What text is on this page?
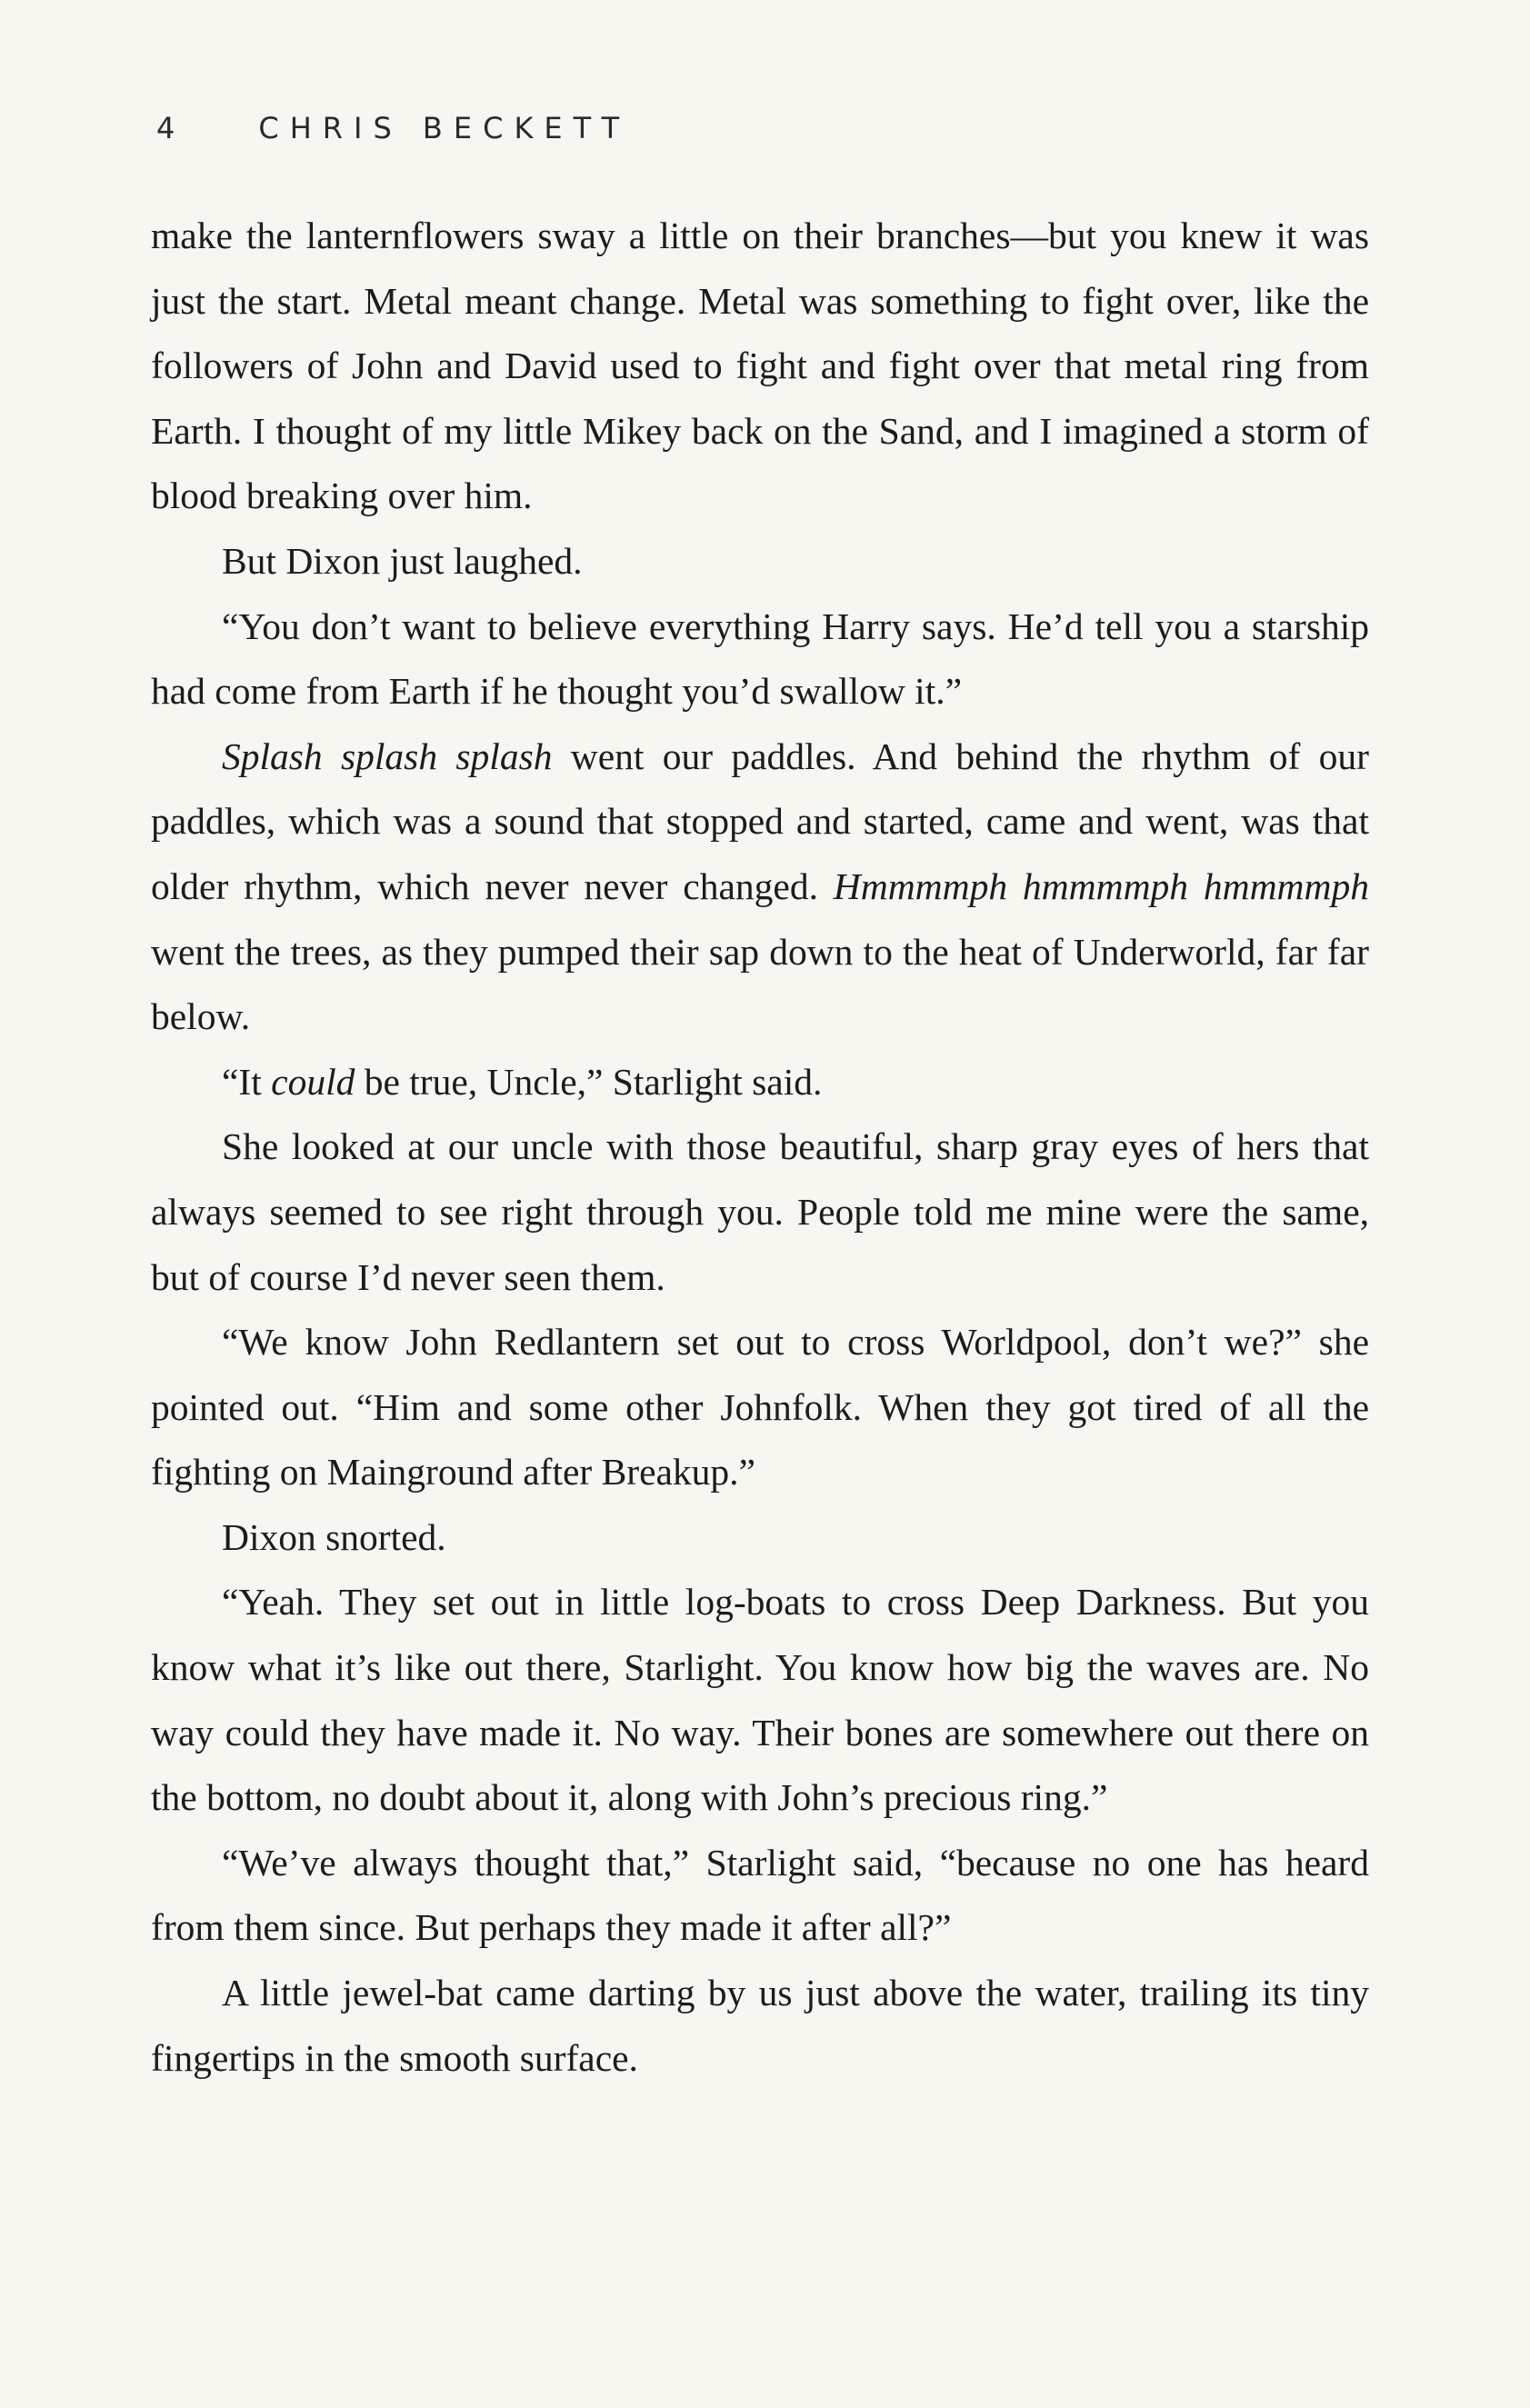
4	CHRIS BECKETT

make the lanternflowers sway a little on their branches—but you knew it was just the start. Metal meant change. Metal was something to fight over, like the followers of John and David used to fight and fight over that metal ring from Earth. I thought of my little Mikey back on the Sand, and I imagined a storm of blood breaking over him.

But Dixon just laughed.

“You don’t want to believe everything Harry says. He’d tell you a starship had come from Earth if he thought you’d swallow it.”

Splash splash splash went our paddles. And behind the rhythm of our paddles, which was a sound that stopped and started, came and went, was that older rhythm, which never never changed. Hmmmmph hmmmmph hmmmmph went the trees, as they pumped their sap down to the heat of Underworld, far far below.

“It could be true, Uncle,” Starlight said.

She looked at our uncle with those beautiful, sharp gray eyes of hers that always seemed to see right through you. People told me mine were the same, but of course I’d never seen them.

“We know John Redlantern set out to cross Worldpool, don’t we?” she pointed out. “Him and some other Johnfolk. When they got tired of all the fighting on Mainground after Breakup.”

Dixon snorted.

“Yeah. They set out in little log-boats to cross Deep Darkness. But you know what it’s like out there, Starlight. You know how big the waves are. No way could they have made it. No way. Their bones are somewhere out there on the bottom, no doubt about it, along with John’s precious ring.”

“We’ve always thought that,” Starlight said, “because no one has heard from them since. But perhaps they made it after all?”

A little jewel-bat came darting by us just above the water, trailing its tiny fingertips in the smooth surface.
